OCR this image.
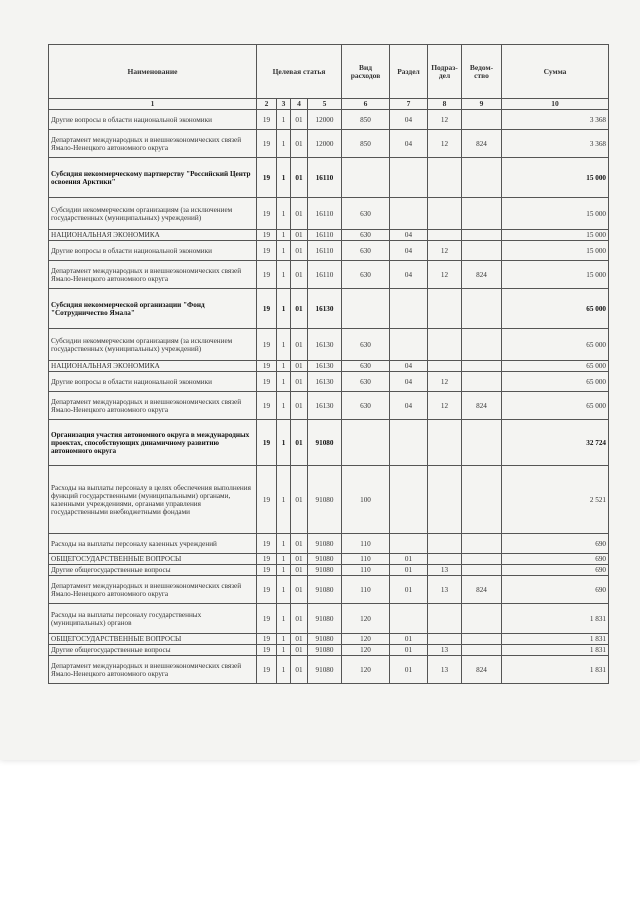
Наименование	Целевая статья				Вид расходов	Раздел	Подраз-дел	Ведом-ство	Сумма
1	2	3	4	5	6	7	8	9	10
Другие вопросы в области национальной экономики	19	1	01	12000	850	04	12		3 368
Департамент международных и внешнеэкономических связей Ямало-Ненецкого автономного округа	19	1	01	12000	850	04	12	824	3 368
Субсидия некоммерческому партнерству "Российский Центр освоения Арктики"	19	1	01	16110					15 000
Субсидии некоммерческим организациям (за исключением государственных (муниципальных) учреждений)	19	1	01	16110	630				15 000
НАЦИОНАЛЬНАЯ ЭКОНОМИКА	19	1	01	16110	630	04			15 000
Другие вопросы в области национальной экономики	19	1	01	16110	630	04	12		15 000
Департамент международных и внешнеэкономических связей Ямало-Ненецкого автономного округа	19	1	01	16110	630	04	12	824	15 000
Субсидия некоммерческой организации "Фонд "Сотрудничество Ямала"	19	1	01	16130					65 000
Субсидии некоммерческим организациям (за исключением государственных (муниципальных) учреждений)	19	1	01	16130	630				65 000
НАЦИОНАЛЬНАЯ ЭКОНОМИКА	19	1	01	16130	630	04			65 000
Другие вопросы в области национальной экономики	19	1	01	16130	630	04	12		65 000
Департамент международных и внешнеэкономических связей Ямало-Ненецкого автономного округа	19	1	01	16130	630	04	12	824	65 000
Организация участия автономного округа в международных проектах, способствующих динамичному развитию автономного округа	19	1	01	91080					32 724
Расходы на выплаты персоналу в целях обеспечения выполнения функций государственными (муниципальными) органами, казенными учреждениями, органами управления государственными внебюджетными фондами	19	1	01	91080	100				2 521
Расходы на выплаты персоналу казенных учреждений	19	1	01	91080	110				690
ОБЩЕГОСУДАРСТВЕННЫЕ ВОПРОСЫ	19	1	01	91080	110	01			690
Другие общегосударственные вопросы	19	1	01	91080	110	01	13		690
Департамент международных и внешнеэкономических связей Ямало-Ненецкого автономного округа	19	1	01	91080	110	01	13	824	690
Расходы на выплаты персоналу государственных (муниципальных) органов	19	1	01	91080	120				1 831
ОБЩЕГОСУДАРСТВЕННЫЕ ВОПРОСЫ	19	1	01	91080	120	01			1 831
Другие общегосударственные вопросы	19	1	01	91080	120	01	13		1 831
Департамент международных и внешнеэкономических связей Ямало-Ненецкого автономного округа	19	1	01	91080	120	01	13	824	1 831
